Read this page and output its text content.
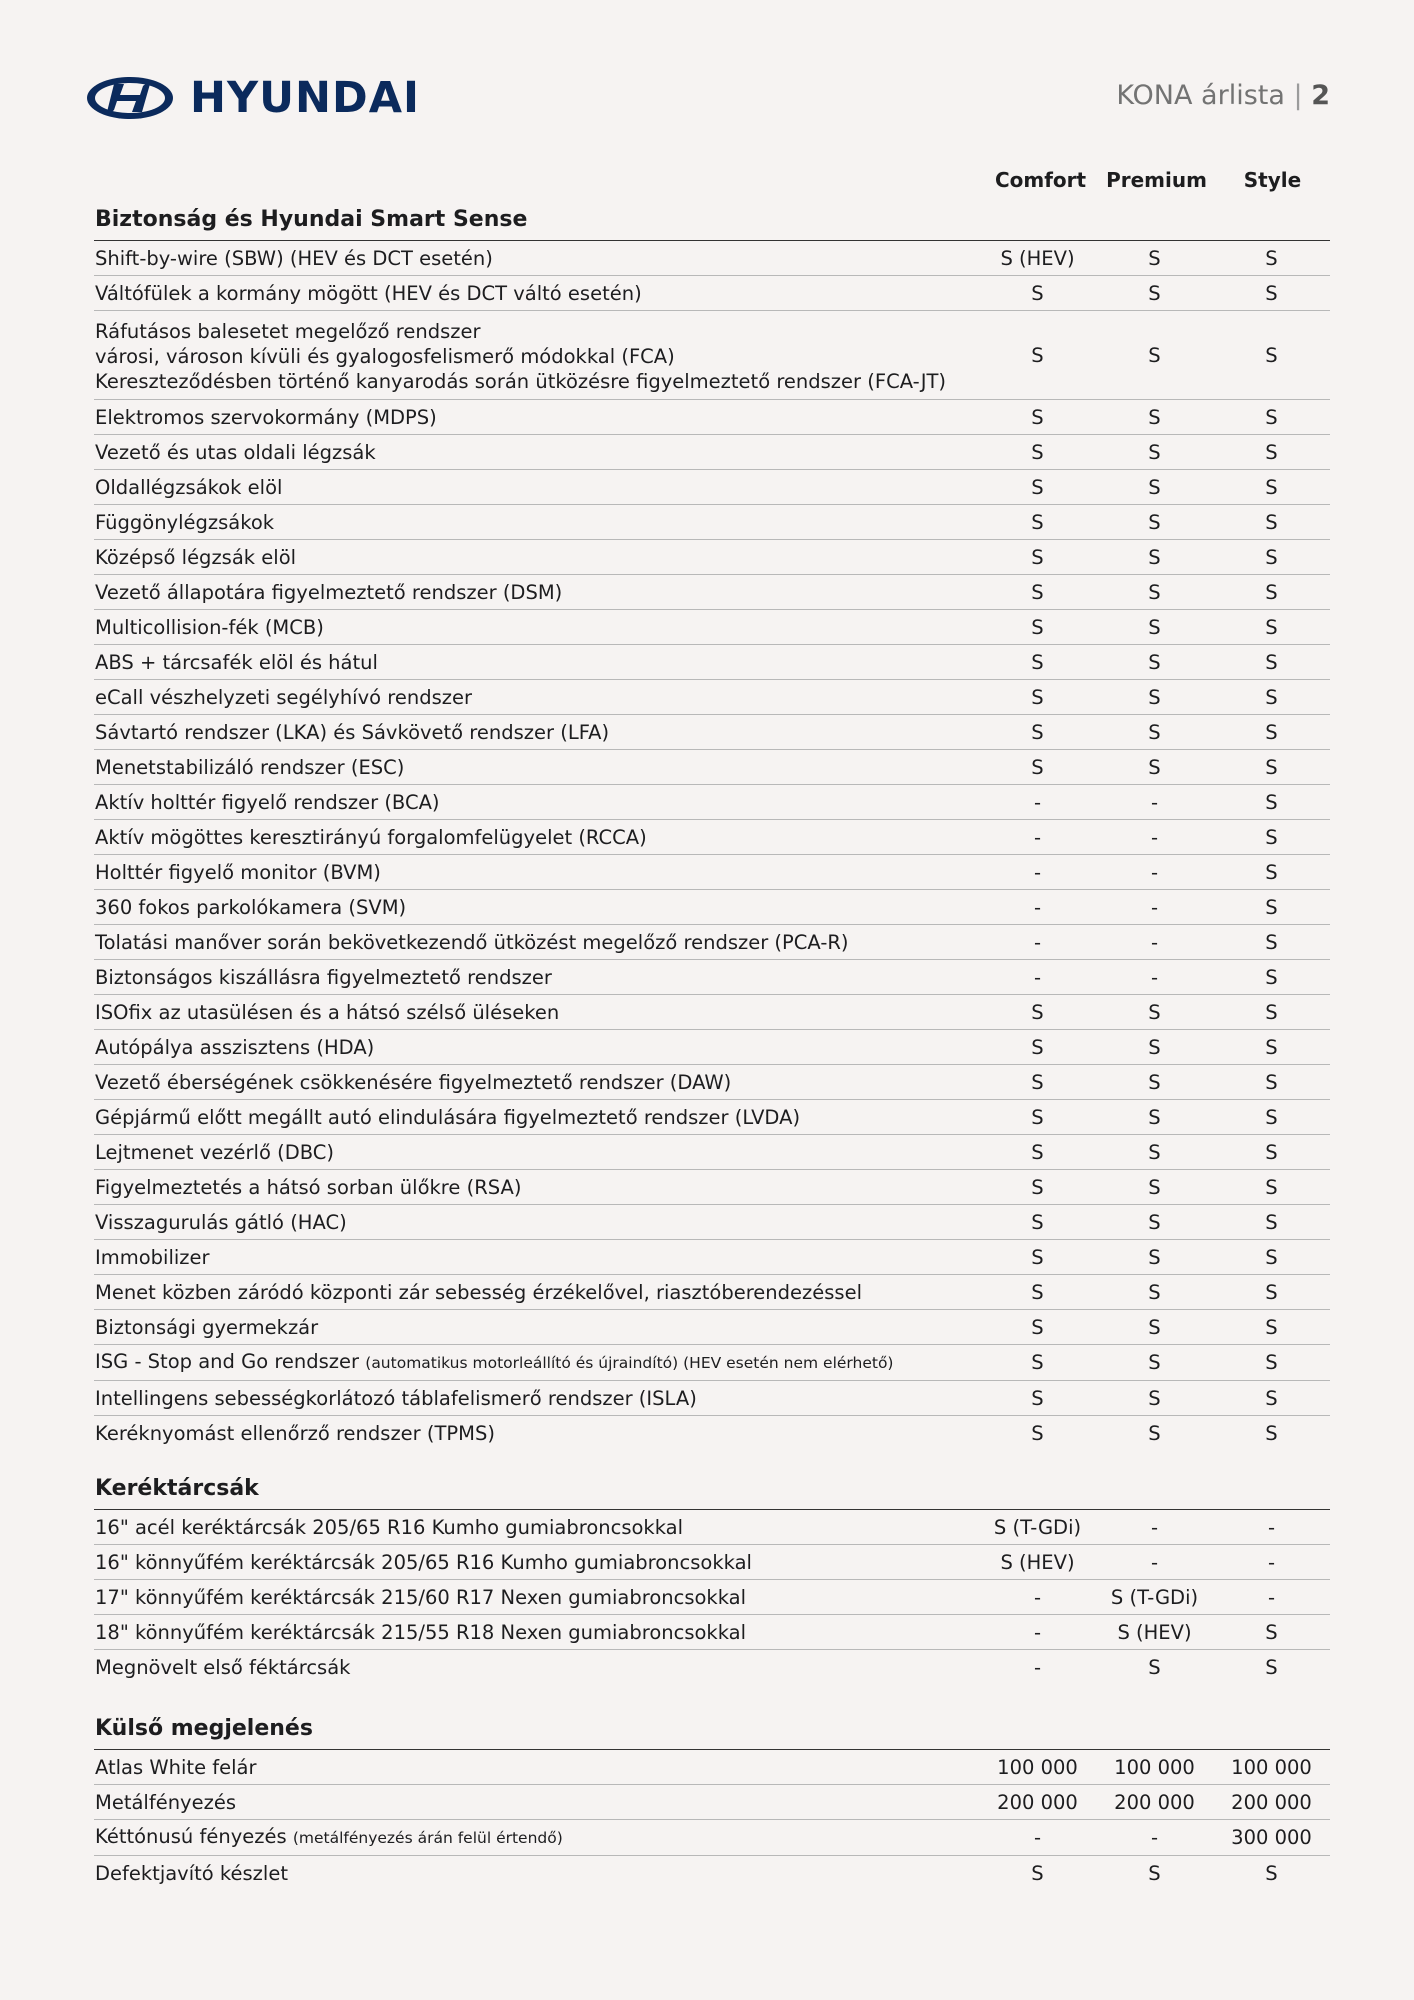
HYUNDAI	KONA árlista | 2
Comfort	Premium	Style
Biztonság és Hyundai Smart Sense
Shift-by-wire (SBW) (HEV és DCT esetén)	S (HEV)	S	S
Váltófülek a kormány mögött (HEV és DCT váltó esetén)	S	S	S
Ráfutásos balesetet megelőző rendszer
városi, városon kívüli és gyalogosfelismerő módokkal (FCA)
Kereszteződésben történő kanyarodás során ütközésre figyelmeztető rendszer (FCA-JT)
S	S	S
Elektromos szervokormány (MDPS)	S	S	S
Vezető és utas oldali légzsák	S	S	S
Oldallégzsákok elöl	S	S	S
Függönylégzsákok	S	S	S
Középső légzsák elöl	S	S	S
Vezető állapotára figyelmeztető rendszer (DSM)	S	S	S
Multicollision-fék (MCB)	S	S	S
ABS + tárcsafék elöl és hátul	S	S	S
eCall vészhelyzeti segélyhívó rendszer	S	S	S
Sávtartó rendszer (LKA) és Sávkövető rendszer (LFA)	S	S	S
Menetstabilizáló rendszer (ESC)	S	S	S
Aktív holttér figyelő rendszer (BCA)	-	-	S
Aktív mögöttes keresztirányú forgalomfelügyelet (RCCA)	-	-	S
Holttér figyelő monitor (BVM)	-	-	S
360 fokos parkolókamera (SVM)	-	-	S
Tolatási manőver során bekövetkezendő ütközést megelőző rendszer (PCA-R)	-	-	S
Biztonságos kiszállásra figyelmeztető rendszer	-	-	S
ISOfix az utasülésen és a hátsó szélső üléseken	S	S	S
Autópálya asszisztens (HDA)	S	S	S
Vezető éberségének csökkenésére figyelmeztető rendszer (DAW)	S	S	S
Gépjármű előtt megállt autó elindulására figyelmeztető rendszer (LVDA)	S	S	S
Lejtmenet vezérlő (DBC)	S	S	S
Figyelmeztetés a hátsó sorban ülőkre (RSA)	S	S	S
Visszagurulás gátló (HAC)	S	S	S
Immobilizer	S	S	S
Menet közben záródó központi zár sebesség érzékelővel, riasztóberendezéssel	S	S	S
Biztonsági gyermekzár	S	S	S
ISG - Stop and Go rendszer (automatikus motorleállító és újraindító) (HEV esetén nem elérhető)	S	S	S
Intellingens sebességkorlátozó táblafelismerő rendszer (ISLA)	S	S	S
Keréknyomást ellenőrző rendszer (TPMS)	S	S	S
Keréktárcsák
16" acél keréktárcsák 205/65 R16 Kumho gumiabroncsokkal	S (T-GDi)	-	-
16" könnyűfém keréktárcsák 205/65 R16 Kumho gumiabroncsokkal	S (HEV)	-	-
17" könnyűfém keréktárcsák 215/60 R17 Nexen gumiabroncsokkal	-	S (T-GDi)	-
18" könnyűfém keréktárcsák 215/55 R18 Nexen gumiabroncsokkal	-	S (HEV)	S
Megnövelt első féktárcsák	-	S	S
Külső megjelenés
Atlas White felár	100 000	100 000	100 000
Metálfényezés	200 000	200 000	200 000
Kéttónusú fényezés (metálfényezés árán felül értendő)	-	-	300 000
Defektjavító készlet	S	S	S
